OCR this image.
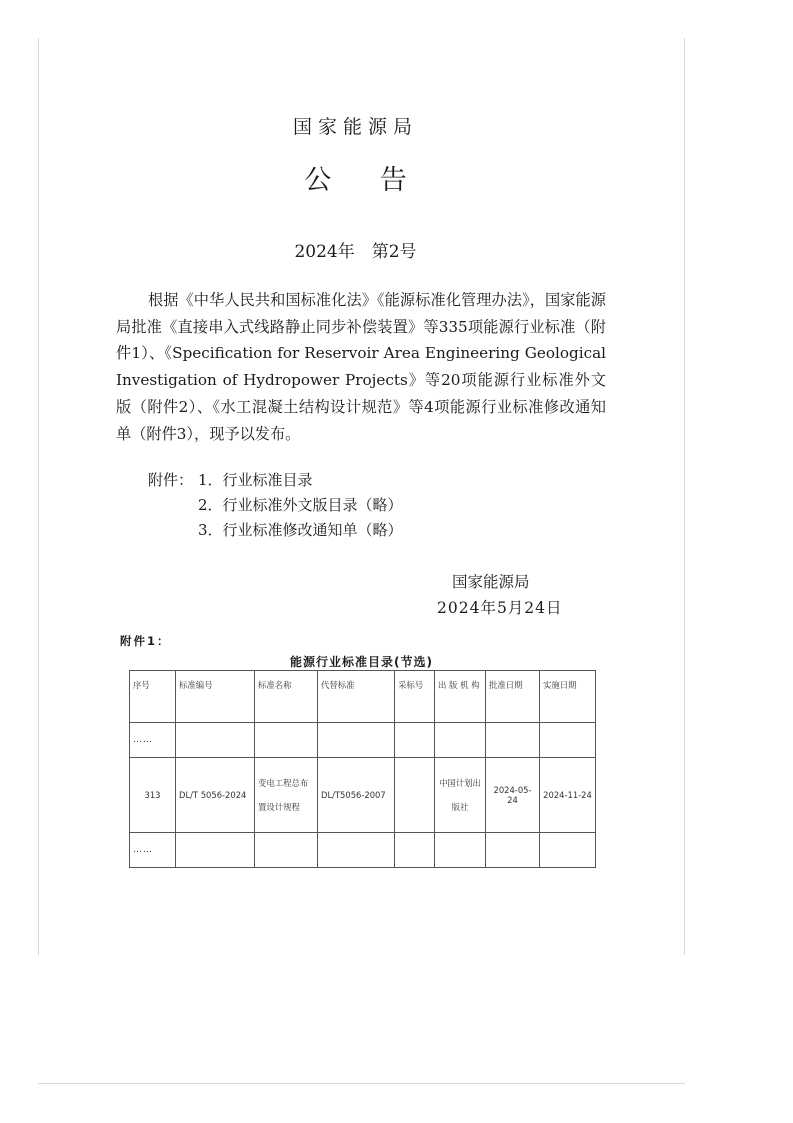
国家能源局
公 告
2024年　第2号

根据《中华人民共和国标准化法》《能源标准化管理办法》，国家能源局批准《直接串入式线路静止同步补偿装置》等335项能源行业标准（附件1）、《Specification for Reservoir Area Engineering Geological Investigation of Hydropower Projects》等20项能源行业标准外文版（附件2）、《水工混凝土结构设计规范》等4项能源行业标准修改通知单（附件3），现予以发布。

附件： 1．行业标准目录
2．行业标准外文版目录（略）
3．行业标准修改通知单（略）
国家能源局
2024年5月24日
附件1：
能源行业标准目录(节选)
序号	标准编号	标准名称	代替标准	采标号	出 版 机 构	批准日期	实施日期
……							
313	DL/T 5056-2024	变电工程总布置设计规程	DL/T5056-2007		中国计划出版社	2024-05-24	2024-11-24
……							
